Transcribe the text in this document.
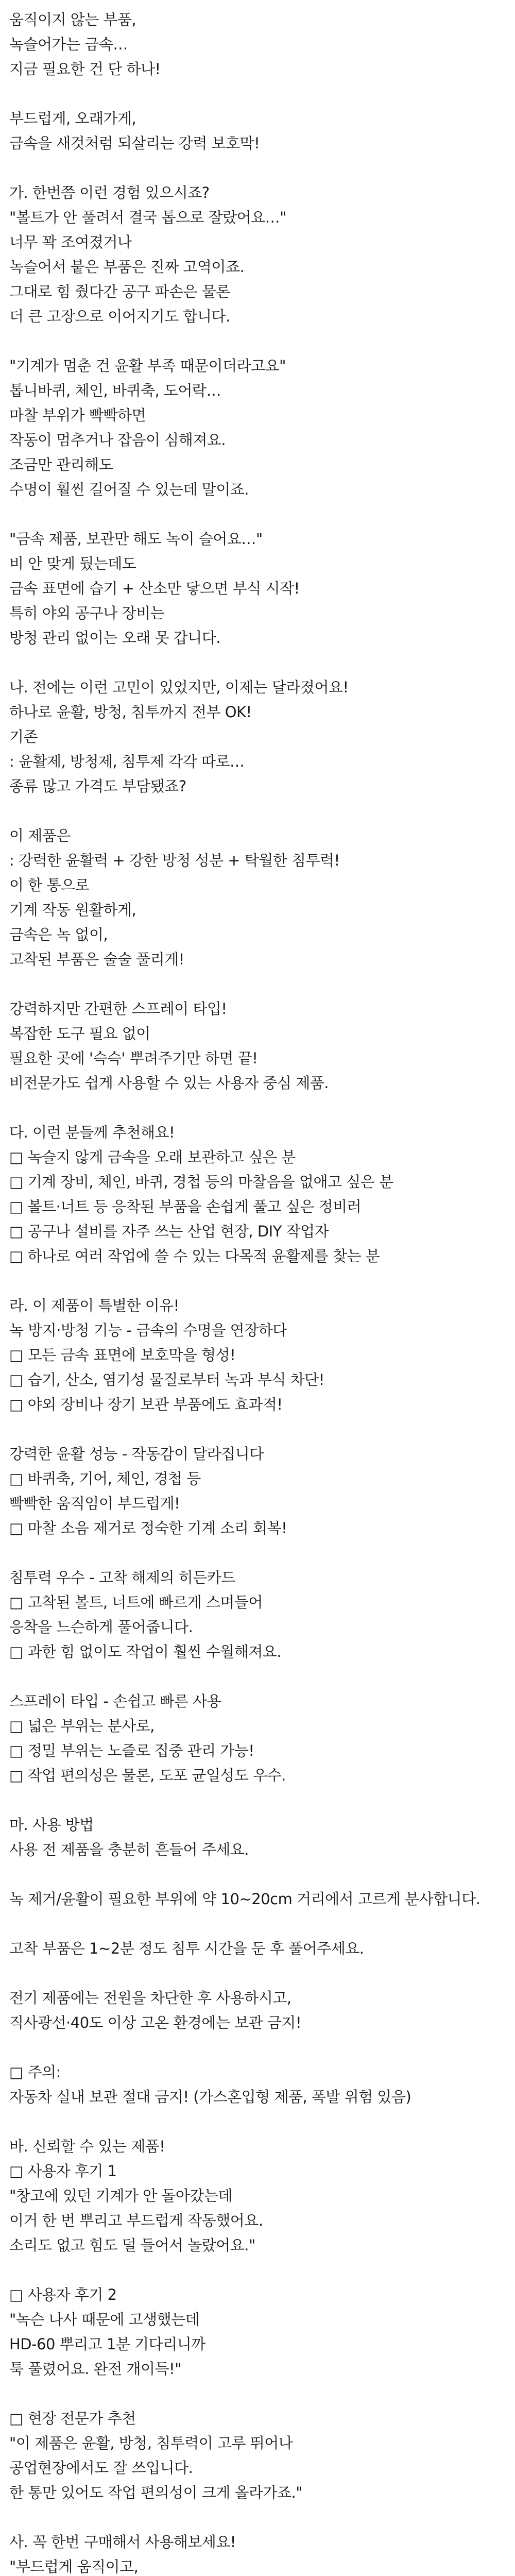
움직이지 않는 부품,
녹슬어가는 금속…
지금 필요한 건 단 하나!
부드럽게, 오래가게,
금속을 새것처럼 되살리는 강력 보호막!
가. 한번쯤 이런 경험 있으시죠?
"볼트가 안 풀려서 결국 톱으로 잘랐어요…"
너무 꽉 조여졌거나
녹슬어서 붙은 부품은 진짜 고역이죠.
그대로 힘 줬다간 공구 파손은 물론
더 큰 고장으로 이어지기도 합니다.
"기계가 멈춘 건 윤활 부족 때문이더라고요"
톱니바퀴, 체인, 바퀴축, 도어락…
마찰 부위가 빡빡하면
작동이 멈추거나 잡음이 심해져요.
조금만 관리해도
수명이 훨씬 길어질 수 있는데 말이죠.
"금속 제품, 보관만 해도 녹이 슬어요…"
비 안 맞게 뒀는데도
금속 표면에 습기 + 산소만 닿으면 부식 시작!
특히 야외 공구나 장비는
방청 관리 없이는 오래 못 갑니다.
나. 전에는 이런 고민이 있었지만, 이제는 달라졌어요!
하나로 윤활, 방청, 침투까지 전부 OK!
기존
: 윤활제, 방청제, 침투제 각각 따로…
종류 많고 가격도 부담됐죠?
이 제품은
: 강력한 윤활력 + 강한 방청 성분 + 탁월한 침투력!
이 한 통으로
기계 작동 원활하게,
금속은 녹 없이,
고착된 부품은 술술 풀리게!
강력하지만 간편한 스프레이 타입!
복잡한 도구 필요 없이
필요한 곳에 '슥슥' 뿌려주기만 하면 끝!
비전문가도 쉽게 사용할 수 있는 사용자 중심 제품.
다. 이런 분들께 추천해요!
□ 녹슬지 않게 금속을 오래 보관하고 싶은 분
□ 기계 장비, 체인, 바퀴, 경첩 등의 마찰음을 없애고 싶은 분
□ 볼트·너트 등 응착된 부품을 손쉽게 풀고 싶은 정비러
□ 공구나 설비를 자주 쓰는 산업 현장, DIY 작업자
□ 하나로 여러 작업에 쓸 수 있는 다목적 윤활제를 찾는 분
라. 이 제품이 특별한 이유!
녹 방지·방청 기능 - 금속의 수명을 연장하다
□ 모든 금속 표면에 보호막을 형성!
□ 습기, 산소, 염기성 물질로부터 녹과 부식 차단!
□ 야외 장비나 장기 보관 부품에도 효과적!
강력한 윤활 성능 - 작동감이 달라집니다
□ 바퀴축, 기어, 체인, 경첩 등
빡빡한 움직임이 부드럽게!
□ 마찰 소음 제거로 정숙한 기계 소리 회복!
침투력 우수 - 고착 해제의 히든카드
□ 고착된 볼트, 너트에 빠르게 스며들어
응착을 느슨하게 풀어줍니다.
□ 과한 힘 없이도 작업이 훨씬 수월해져요.
스프레이 타입 - 손쉽고 빠른 사용
□ 넓은 부위는 분사로,
□ 정밀 부위는 노즐로 집중 관리 가능!
□ 작업 편의성은 물론, 도포 균일성도 우수.
마. 사용 방법
사용 전 제품을 충분히 흔들어 주세요.
녹 제거/윤활이 필요한 부위에 약 10~20cm 거리에서 고르게 분사합니다.
고착 부품은 1~2분 정도 침투 시간을 둔 후 풀어주세요.
전기 제품에는 전원을 차단한 후 사용하시고,
직사광선·40도 이상 고온 환경에는 보관 금지!
□ 주의:
자동차 실내 보관 절대 금지! (가스혼입형 제품, 폭발 위험 있음)
바. 신뢰할 수 있는 제품!
□ 사용자 후기 1
"창고에 있던 기계가 안 돌아갔는데
이거 한 번 뿌리고 부드럽게 작동했어요.
소리도 없고 힘도 덜 들어서 놀랐어요."
□ 사용자 후기 2
"녹슨 나사 때문에 고생했는데
HD-60 뿌리고 1분 기다리니까
툭 풀렸어요. 완전 개이득!"
□ 현장 전문가 추천
"이 제품은 윤활, 방청, 침투력이 고루 뛰어나
공업현장에서도 잘 쓰입니다.
한 통만 있어도 작업 편의성이 크게 올라가죠."
사. 꼭 한번 구매해서 사용해보세요!
"부드럽게 움직이고,
